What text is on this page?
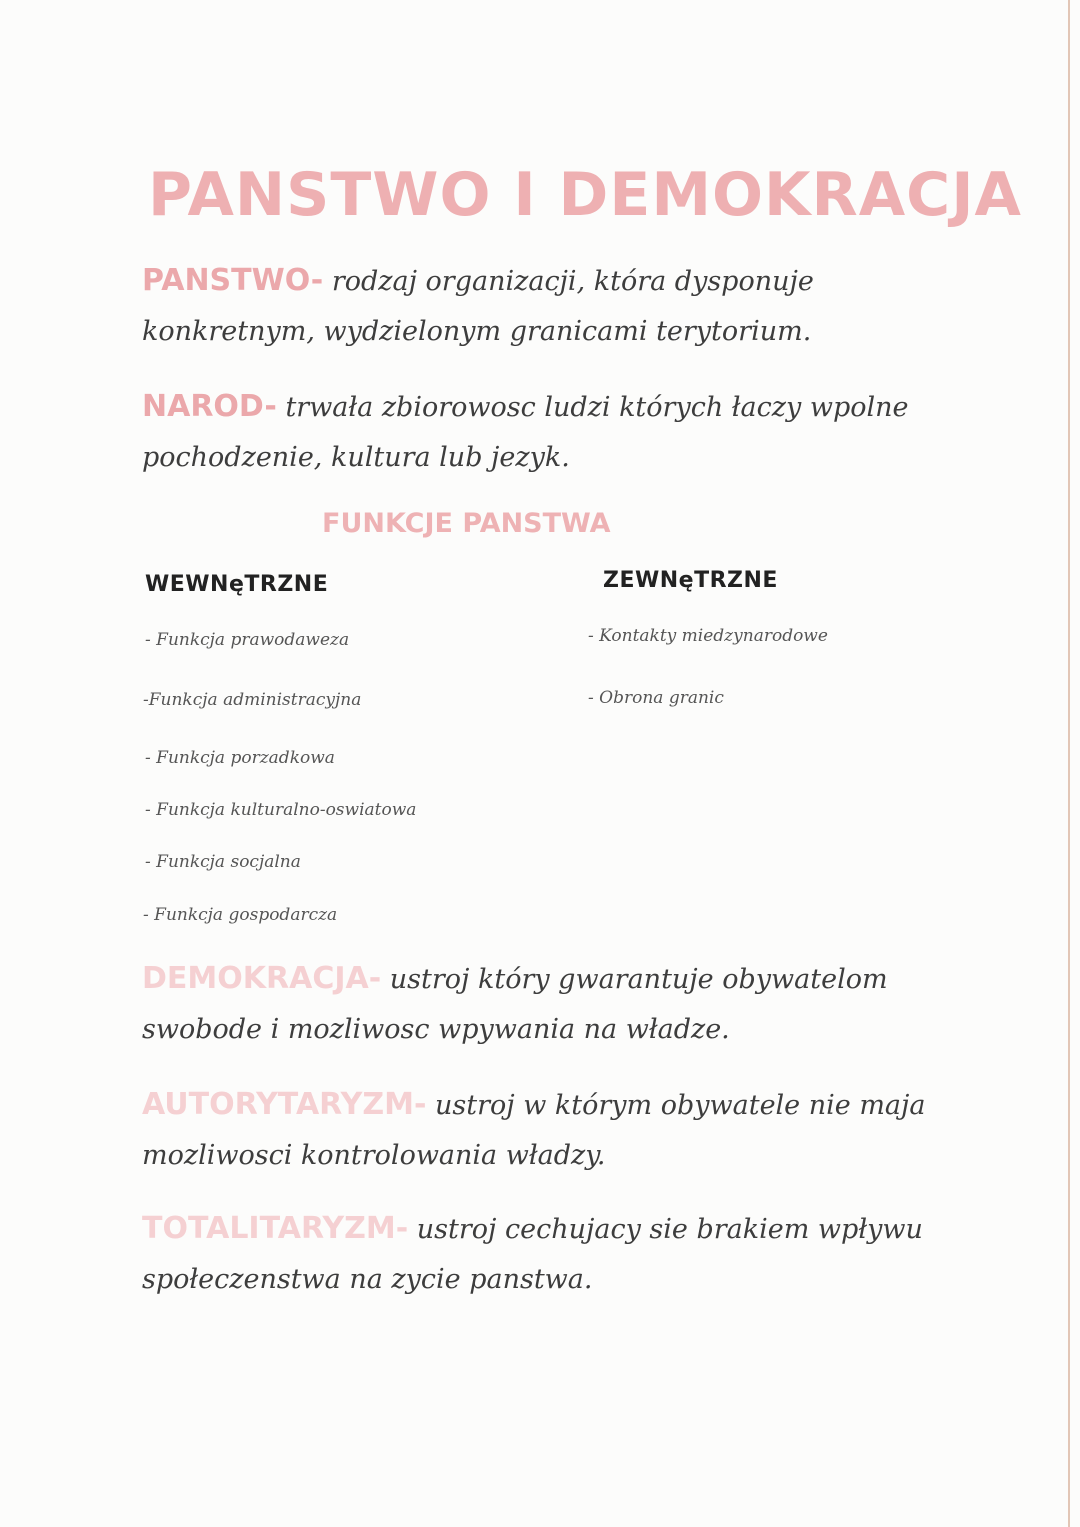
PANSTWO I DEMOKRACJA

PANSTWO- rodzaj organizacji, która dysponuje konkretnym, wydzielonym granicami terytorium.

NAROD- trwała zbiorowosc ludzi których łaczy wpolne pochodzenie, kultura lub jezyk.

FUNKCJE PANSTWA
WEWNęTRZNE
- Funkcja prawodaweza
-Funkcja administracyjna
- Funkcja porzadkowa
- Funkcja kulturalno-oswiatowa
- Funkcja socjalna
- Funkcja gospodarcza
ZEWNęTRZNE
- Kontakty miedzynarodowe
- Obrona granic

DEMOKRACJA- ustroj który gwarantuje obywatelom swobode i mozliwosc wpywania na władze.

AUTORYTARYZM- ustroj w którym obywatele nie maja mozliwosci kontrolowania władzy.

TOTALITARYZM- ustroj cechujacy sie brakiem wpływu społeczenstwa na zycie panstwa.
